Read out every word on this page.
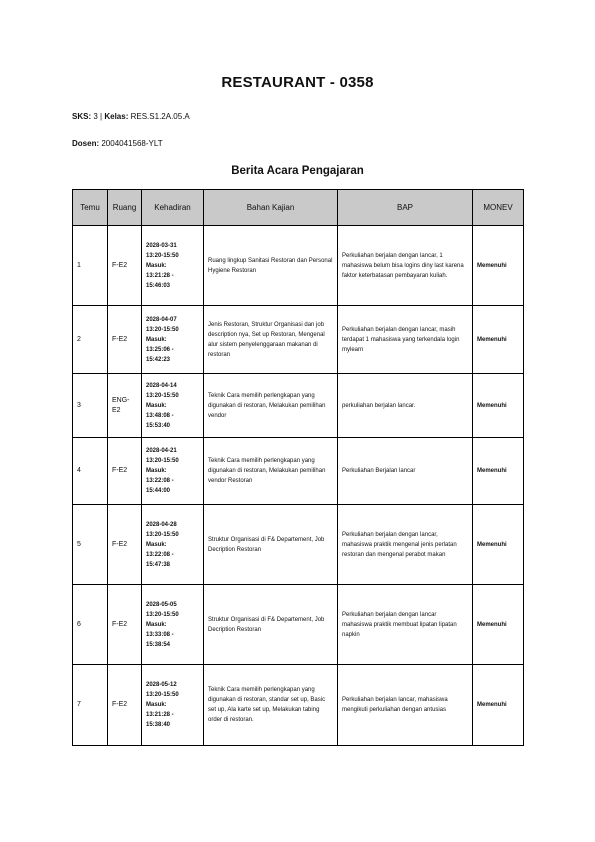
RESTAURANT - 0358
SKS: 3 | Kelas: RES.S1.2A.05.A
Dosen: 2004041568-YLT
Berita Acara Pengajaran
Temu	Ruang	Kehadiran	Bahan Kajian	BAP	MONEV
1	F-E2	2028-03-31
13:20-15:50
Masuk:
13:21:28 -
15:46:03	Ruang lingkup Sanitasi Restoran dan Personal Hygiene Restoran	Perkuliahan berjalan dengan lancar, 1 mahasiswa belum bisa logins diny last karena faktor keterbatasan pembayaran kuliah.	Memenuhi
2	F-E2	2028-04-07
13:20-15:50
Masuk:
13:25:06 -
15:42:23	Jenis Restoran, Struktur Organisasi dan job description nya, Set up Restoran, Mengenal alur sistem penyelenggaraan makanan di restoran	Perkuliahan berjalan dengan lancar, masih terdapat 1 mahasiswa yang terkendala login mylearn	Memenuhi
3	ENG-E2	2028-04-14
13:20-15:50
Masuk:
13:48:08 -
15:53:40	Teknik Cara memilih perlengkapan yang digunakan di restoran, Melakukan pemilihan vendor	perkuliahan berjalan lancar.	Memenuhi
4	F-E2	2028-04-21
13:20-15:50
Masuk:
13:22:08 -
15:44:00	Teknik Cara memilih perlengkapan yang digunakan di restoran, Melakukan pemilihan vendor Restoran	Perkuliahan Berjalan lancar	Memenuhi
5	F-E2	2028-04-28
13:20-15:50
Masuk:
13:22:08 -
15:47:38	Struktur Organisasi di F& Departement, Job Decription Restoran	Perkuliahan berjalan dengan lancar, mahasiswa praktik mengenal jenis perlatan restoran dan mengenal perabot makan	Memenuhi
6	F-E2	2028-05-05
13:20-15:50
Masuk:
13:33:08 -
15:38:54	Struktur Organisasi di F& Departement, Job Decription Restoran	Perkuliahan berjalan dengan lancar mahasiswa praktik membuat lipatan lipatan napkin	Memenuhi
7	F-E2	2028-05-12
13:20-15:50
Masuk:
13:21:28 -
15:38:40	Teknik Cara memilih perlengkapan yang digunakan di restoran, standar set up, Basic set up, Ala karte set up, Melakukan tabing order di restoran.	Perkuliahan berjalan lancar, mahasiswa mengikuti perkuliahan dengan antusias	Memenuhi
